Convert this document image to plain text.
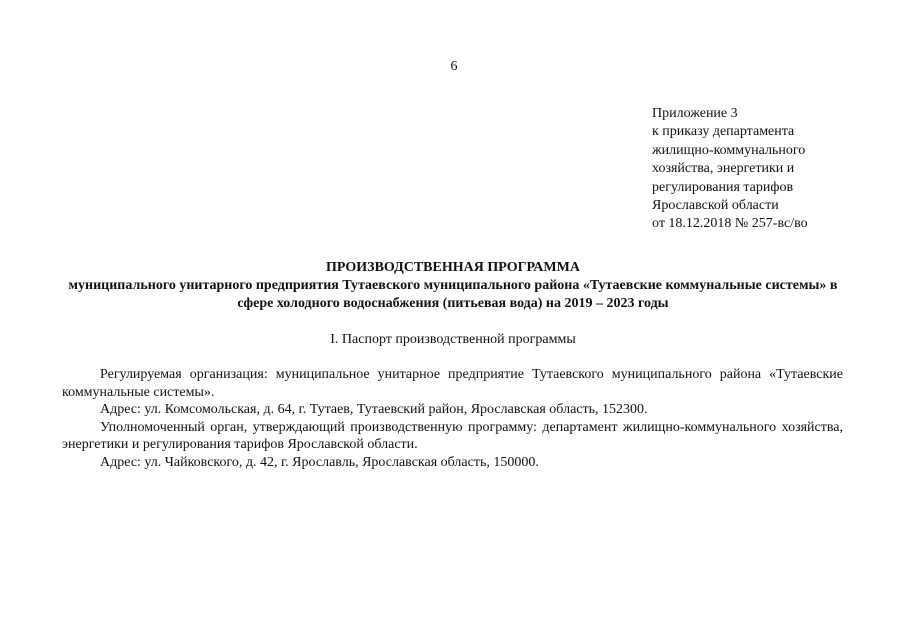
6
Приложение 3
к приказу департамента
жилищно-коммунального
хозяйства, энергетики и
регулирования тарифов
Ярославской области
от 18.12.2018 № 257-вс/во
ПРОИЗВОДСТВЕННАЯ ПРОГРАММА
муниципального унитарного предприятия Тутаевского муниципального района «Тутаевские коммунальные системы» в сфере холодного водоснабжения (питьевая вода) на 2019 – 2023 годы
I. Паспорт производственной программы

Регулируемая организация: муниципальное унитарное предприятие Тутаевского муниципального района «Тутаевские коммунальные системы».

Адрес: ул. Комсомольская, д. 64, г. Тутаев, Тутаевский район, Ярославская область, 152300.

Уполномоченный орган, утверждающий производственную программу: департамент жилищно-коммунального хозяйства, энергетики и регулирования тарифов Ярославской области.

Адрес: ул. Чайковского, д. 42, г. Ярославль, Ярославская область, 150000.
